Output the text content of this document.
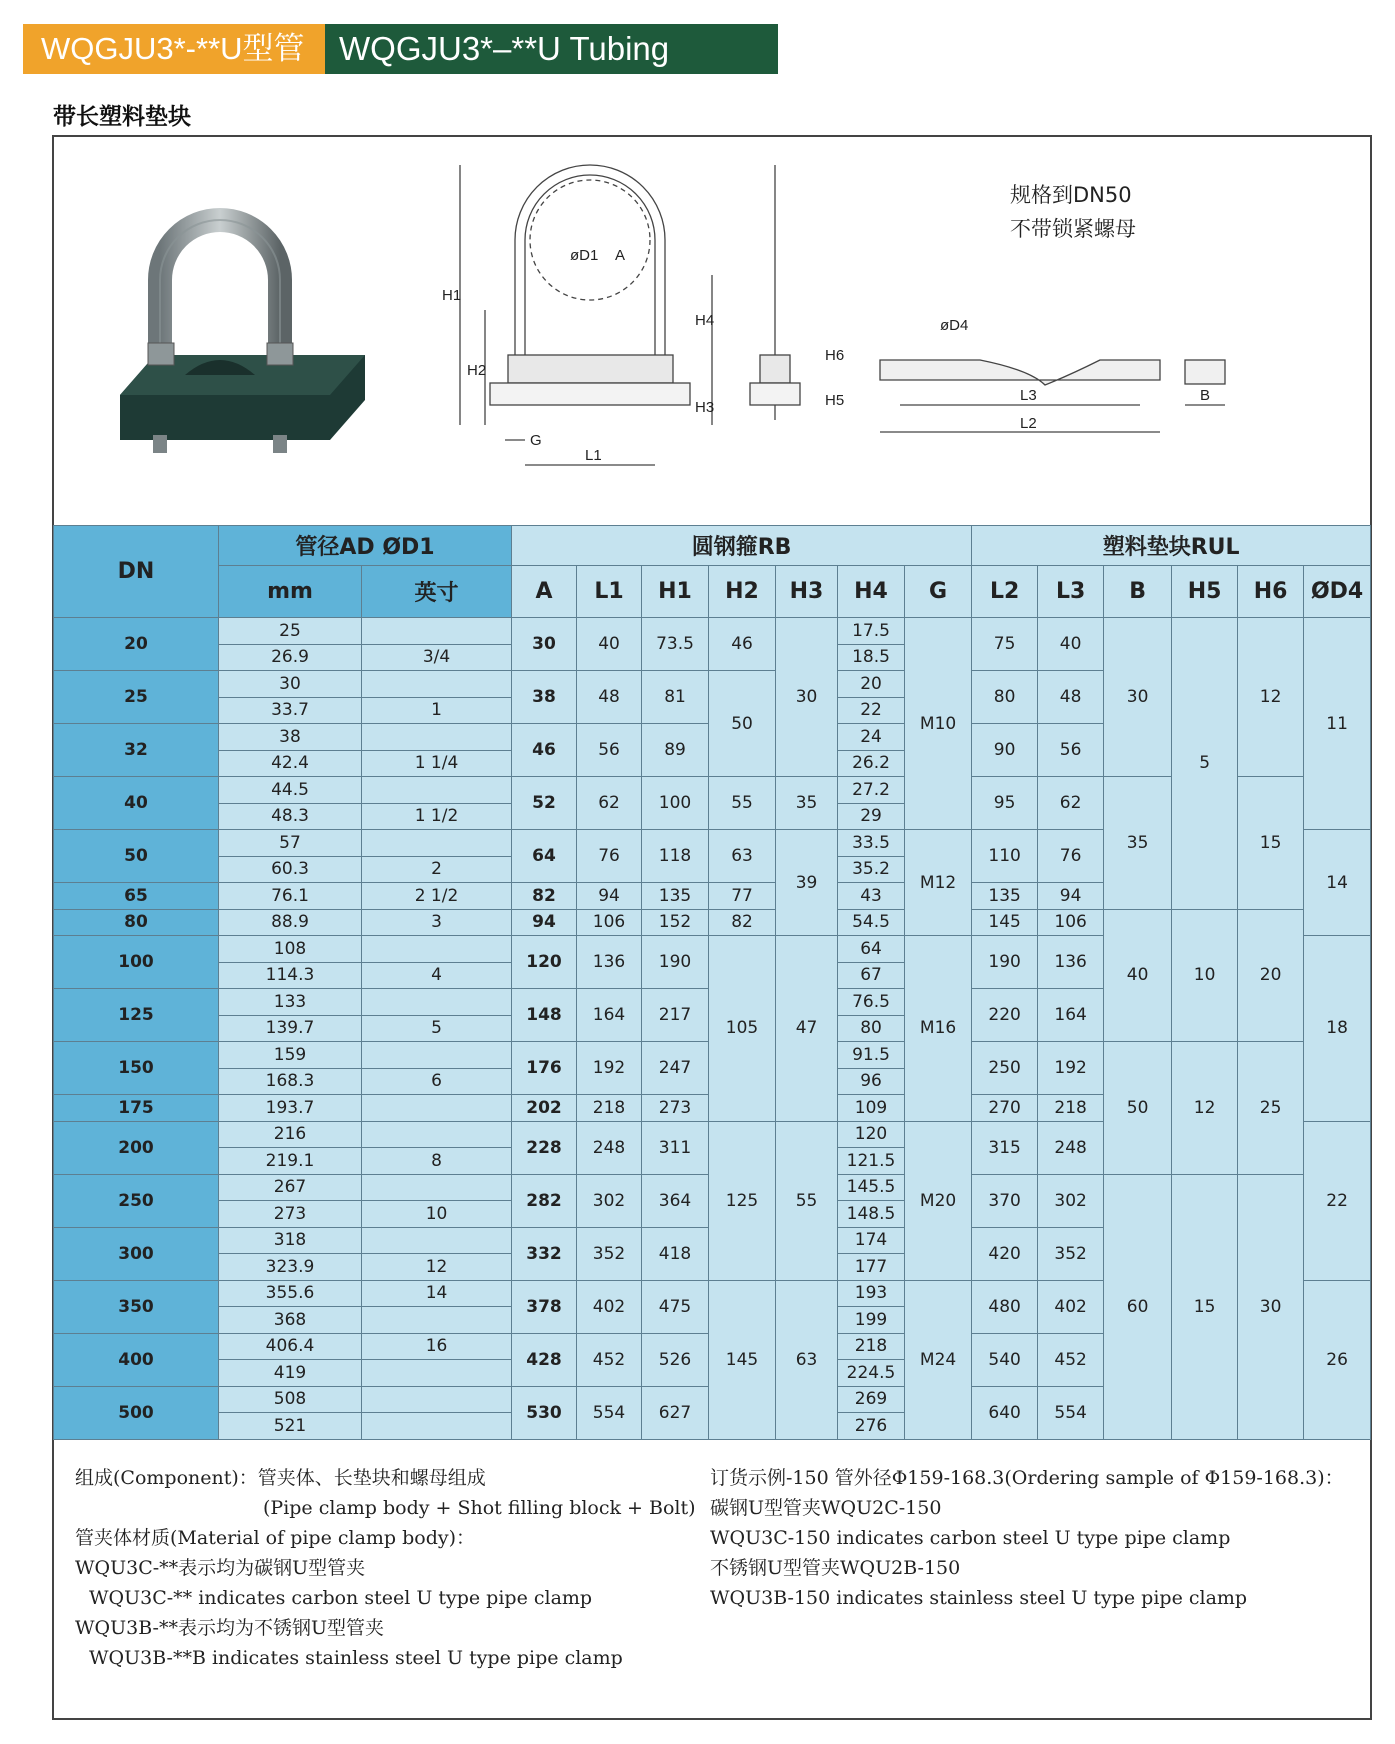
WQGJU3*-**U型管夹
WQGJU3*–**U Tubing Clamp
带长塑料垫块
H1
H2
H4
H3
øD1 A
G
L1
H5
H6
øD4
L3
L2
B
规格到DN50
不带锁紧螺母
DN	管径AD ØD1		圆钢箍RB							塑料垫块RUL					
	mm	英寸	A	L1	H1	H2	H3	H4	G	L2	L3	B	H5	H6	ØD4
20	25		30	40	73.5	46	30	17.5	M10	75	40	30	5	12	11
	26.9	3/4						18.5							
25	30		38	48	81	50		20		80	48				
	33.7	1						22							
32	38		46	56	89			24		90	56				
	42.4	1 1/4						26.2							
40	44.5		52	62	100	55	35	27.2		95	62	35		15	
	48.3	1 1/2						29							
50	57		64	76	118	63	39	33.5	M12	110	76				14
	60.3	2						35.2							
65	76.1	2 1/2	82	94	135	77		43		135	94				
80	88.9	3	94	106	152	82		54.5		145	106	40	10	20	
100	108		120	136	190	105	47	64	M16	190	136				18
	114.3	4						67							
125	133		148	164	217			76.5		220	164				
	139.7	5						80							
150	159		176	192	247			91.5		250	192	50	12	25	
	168.3	6						96							
175	193.7		202	218	273			109		270	218				
200	216		228	248	311	125	55	120	M20	315	248				22
	219.1	8						121.5							
250	267		282	302	364			145.5		370	302	60	15	30	
	273	10						148.5							
300	318		332	352	418			174		420	352				
	323.9	12						177							
350	355.6	14	378	402	475	145	63	193	M24	480	402				26
	368							199							
400	406.4	16	428	452	526			218		540	452				
	419							224.5							
500	508		530	554	627			269		640	554				
	521							276							
组成(Component)：管夹体、长垫块和螺母组成
(Pipe clamp body + Shot filling block + Bolt)
管夹体材质(Material of pipe clamp body)：
WQU3C-**表示均为碳钢U型管夹
WQU3C-** indicates carbon steel U type pipe clamp
WQU3B-**表示均为不锈钢U型管夹
WQU3B-**B indicates stainless steel U type pipe clamp
订货示例-150 管外径Φ159-168.3(Ordering sample of Φ159-168.3)：
碳钢U型管夹WQU2C-150
WQU3C-150 indicates carbon steel U type pipe clamp
不锈钢U型管夹WQU2B-150
WQU3B-150 indicates stainless steel U type pipe clamp
